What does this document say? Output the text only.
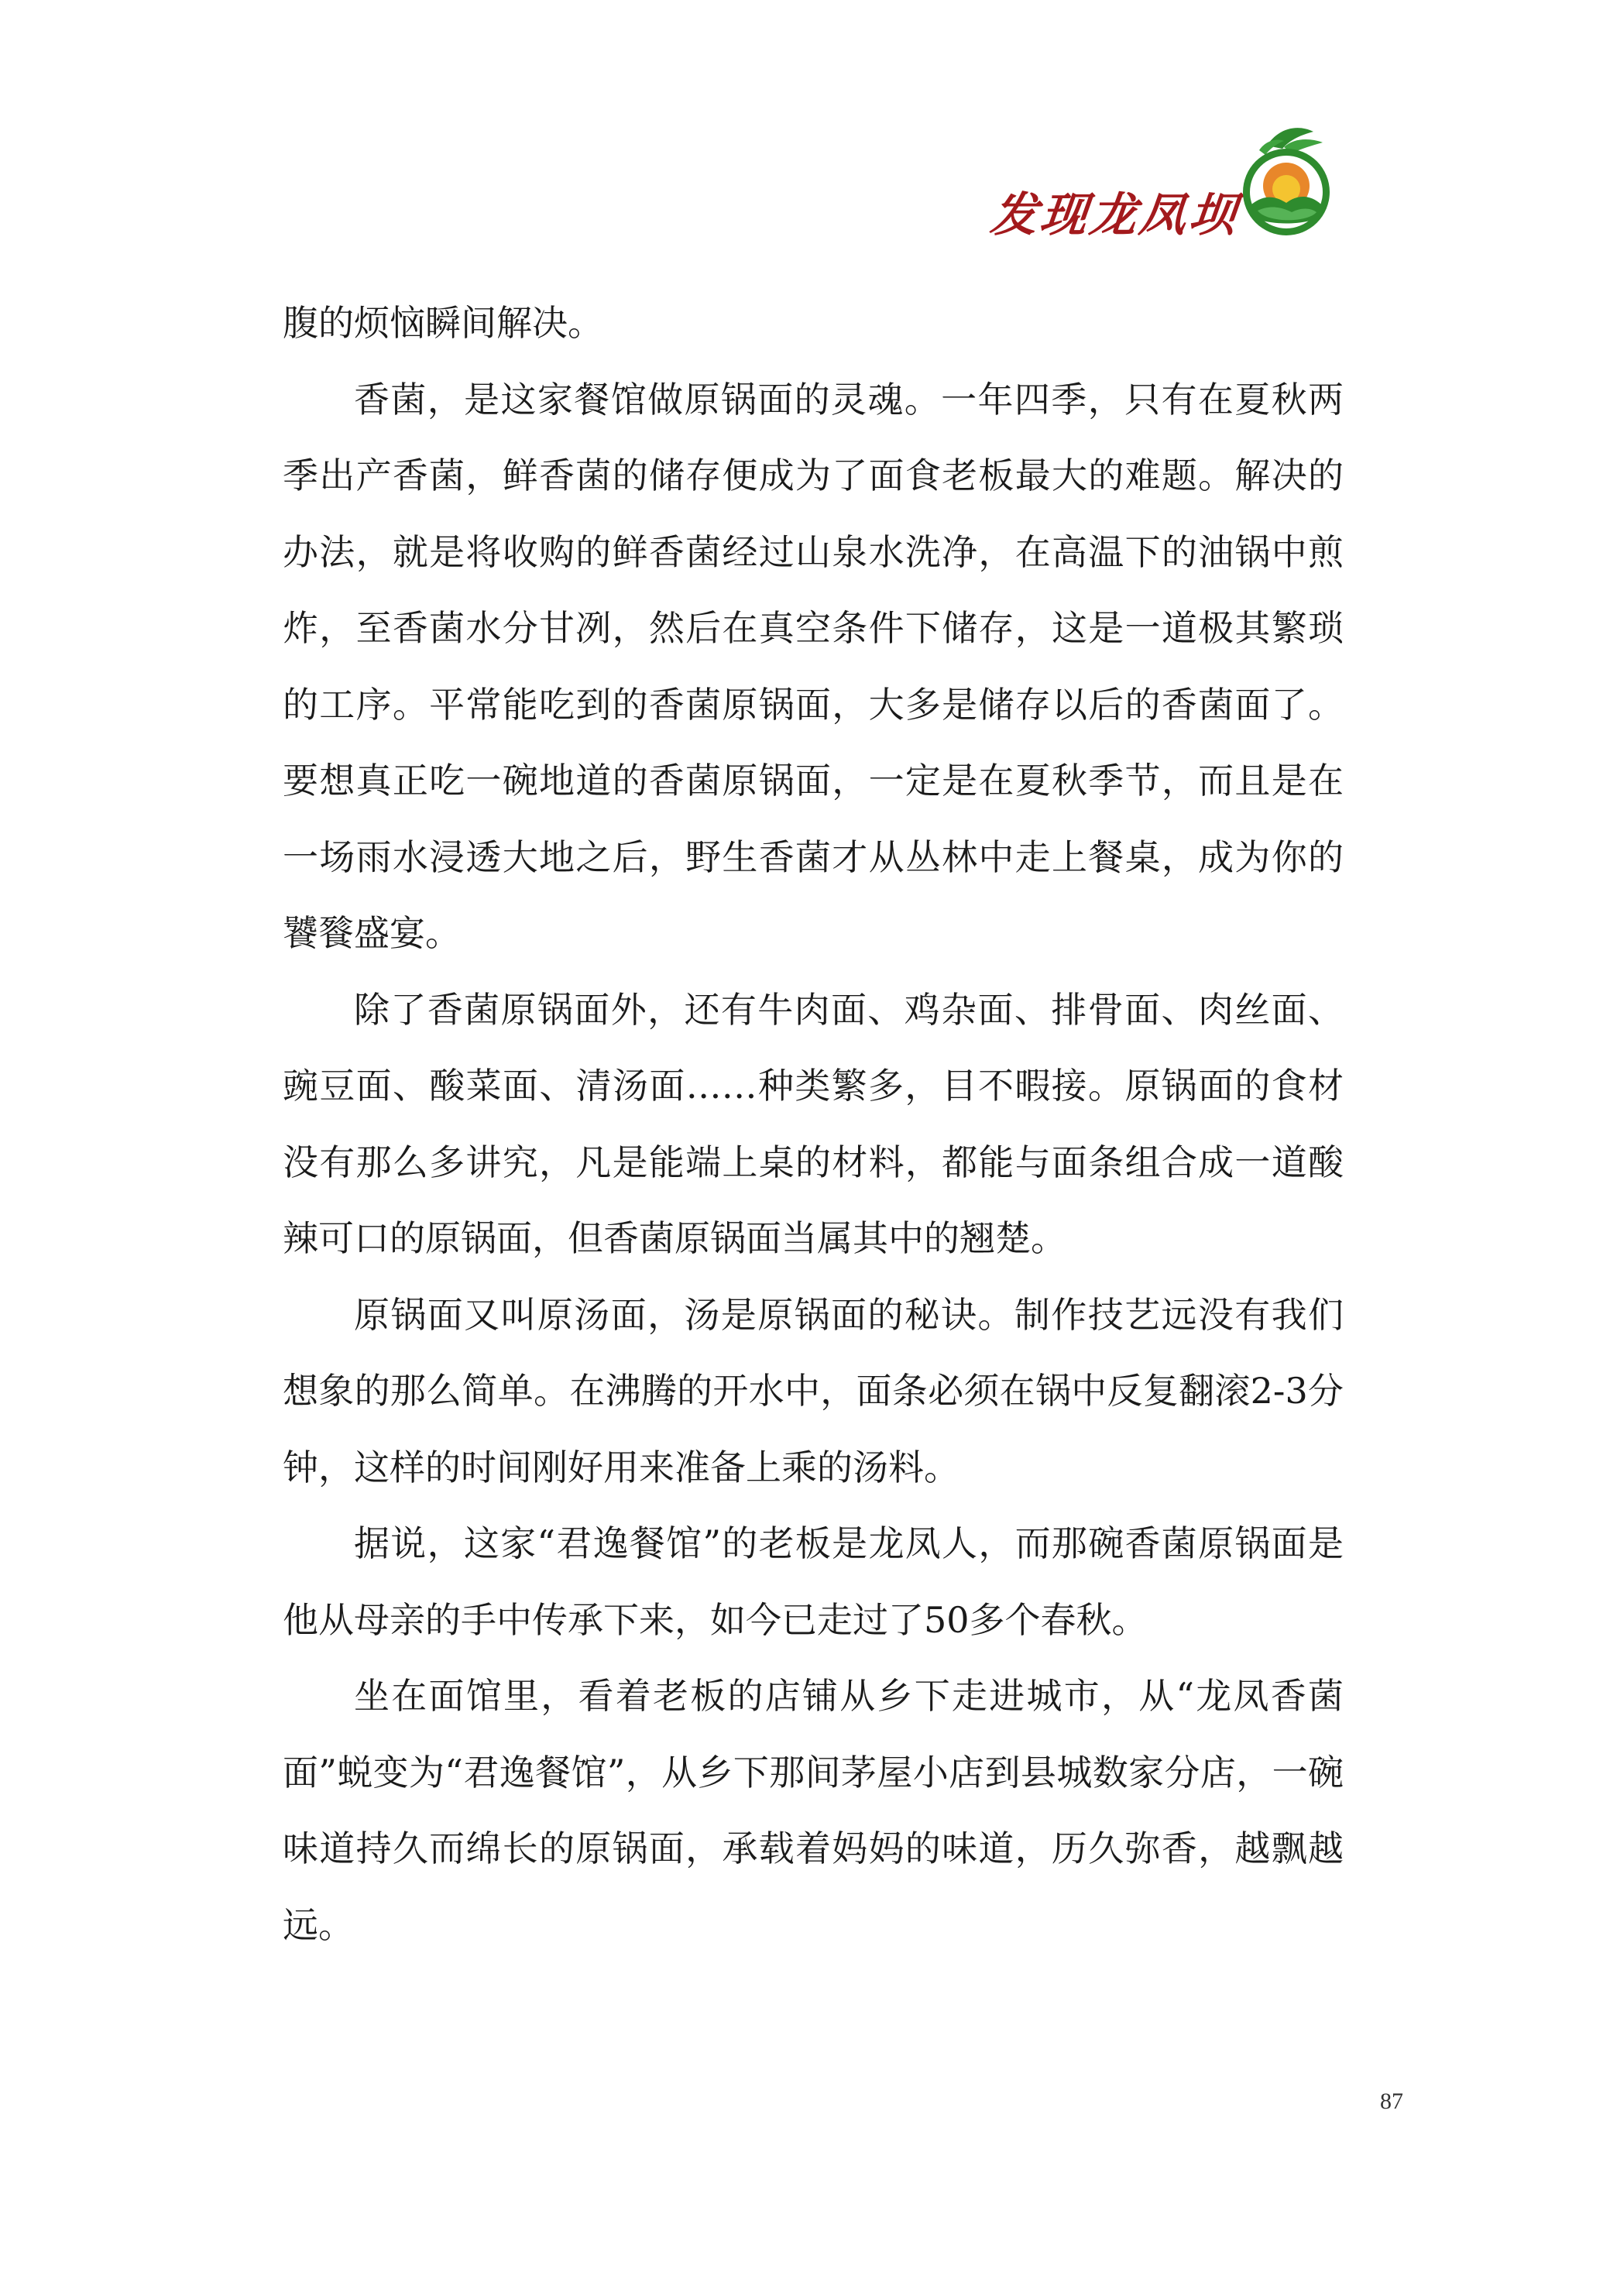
发现龙凤坝

腹的烦恼瞬间解决。

香菌，是这家餐馆做原锅面的灵魂。一年四季，只有在夏秋两季出产香菌，鲜香菌的储存便成为了面食老板最大的难题。解决的办法，就是将收购的鲜香菌经过山泉水洗净，在高温下的油锅中煎炸，至香菌水分甘冽，然后在真空条件下储存，这是一道极其繁琐的工序。平常能吃到的香菌原锅面，大多是储存以后的香菌面了。要想真正吃一碗地道的香菌原锅面，一定是在夏秋季节，而且是在一场雨水浸透大地之后，野生香菌才从丛林中走上餐桌，成为你的饕餮盛宴。

除了香菌原锅面外，还有牛肉面、鸡杂面、排骨面、肉丝面、豌豆面、酸菜面、清汤面……种类繁多，目不暇接。原锅面的食材没有那么多讲究，凡是能端上桌的材料，都能与面条组合成一道酸辣可口的原锅面，但香菌原锅面当属其中的翘楚。

原锅面又叫原汤面，汤是原锅面的秘诀。制作技艺远没有我们想象的那么简单。在沸腾的开水中，面条必须在锅中反复翻滚2-3分钟，这样的时间刚好用来准备上乘的汤料。

据说，这家“君逸餐馆”的老板是龙凤人，而那碗香菌原锅面是他从母亲的手中传承下来，如今已走过了50多个春秋。

坐在面馆里，看着老板的店铺从乡下走进城市，从“龙凤香菌面”蜕变为“君逸餐馆”，从乡下那间茅屋小店到县城数家分店，一碗味道持久而绵长的原锅面，承载着妈妈的味道，历久弥香，越飘越远。

87
